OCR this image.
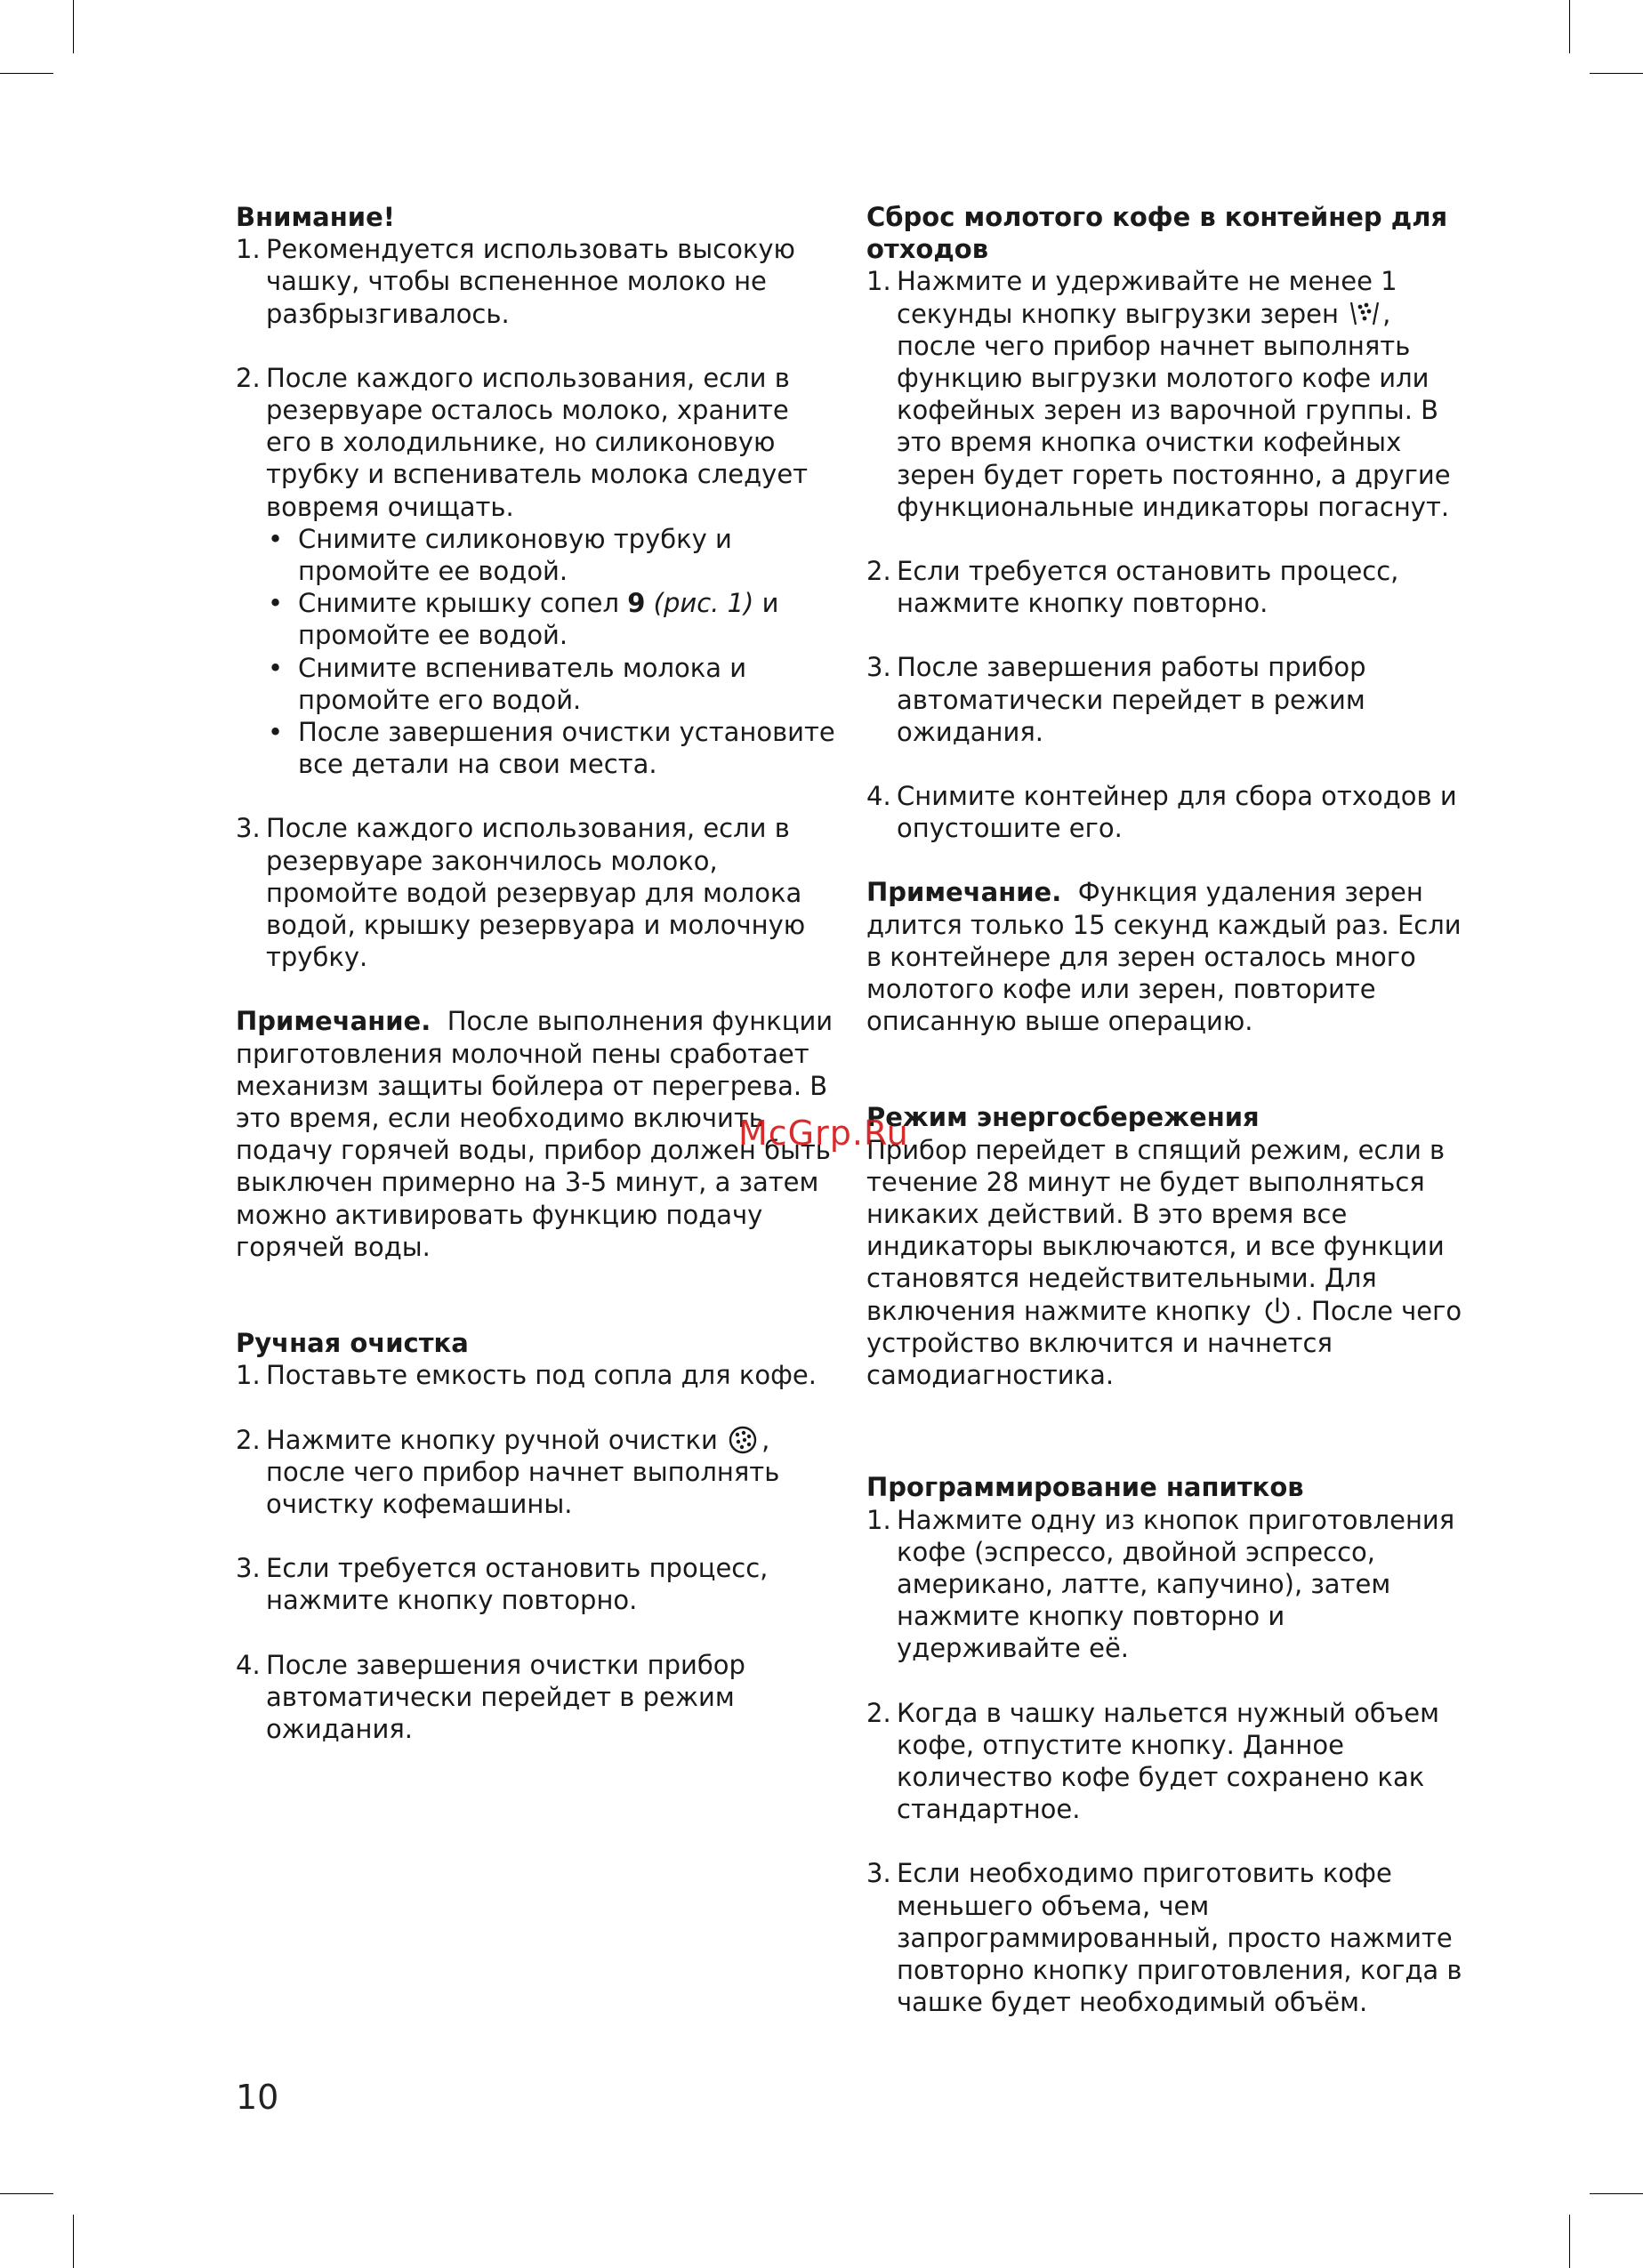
Внимание!

1. Рекомендуется использовать высокую чашку, чтобы вспененное молоко не разбрызгивалось.
2. После каждого использования, если в резервуаре осталось молоко, храните его в холодильнике, но силиконовую трубку и вспениватель молока следует вовремя очищать.
• Снимите силиконовую трубку и промойте ее водой.
• Снимите крышку сопел 9 (рис. 1) и промойте ее водой.
• Снимите вспениватель молока и промойте его водой.
• После завершения очистки установите все детали на свои места.
3. После каждого использования, если в резервуаре закончилось молоко, промойте водой резервуар для молока водой, крышку резервуара и молочную трубку.

Примечание. После выполнения функции приготовления молочной пены сработает механизм защиты бойлера от перегрева. В это время, если необходимо включить подачу горячей воды, прибор должен быть выключен примерно на 3-5 минут, а затем можно активировать функцию подачу горячей воды.

Ручная очистка

1. Поставьте емкость под сопла для кофе.
2. Нажмите кнопку ручной очистки , после чего прибор начнет выполнять очистку кофемашины.
3. Если требуется остановить процесс, нажмите кнопку повторно.
4. После завершения очистки прибор автоматически перейдет в режим ожидания.

Сброс молотого кофе в контейнер для отходов

1. Нажмите и удерживайте не менее 1 секунды кнопку выгрузки зерен , после чего прибор начнет выполнять функцию выгрузки молотого кофе или кофейных зерен из варочной группы. В это время кнопка очистки кофейных зерен будет гореть постоянно, а другие функциональные индикаторы погаснут.
2. Если требуется остановить процесс, нажмите кнопку повторно.
3. После завершения работы прибор автоматически перейдет в режим ожидания.
4. Снимите контейнер для сбора отходов и опустошите его.

Примечание. Функция удаления зерен длится только 15 секунд каждый раз. Если в контейнере для зерен осталось много молотого кофе или зерен, повторите описанную выше операцию.

Режим энергосбережения

Прибор перейдет в спящий режим, если в течение 28 минут не будет выполняться никаких действий. В это время все индикаторы выключаются, и все функции становятся недействительными. Для включения нажмите кнопку . После чего устройство включится и начнется самодиагностика.

Программирование напитков

1. Нажмите одну из кнопок приготовления кофе (эспрессо, двойной эспрессо, американо, латте, капучино), затем нажмите кнопку повторно и удерживайте её.
2. Когда в чашку нальется нужный объем кофе, отпустите кнопку. Данное количество кофе будет сохранено как стандартное.
3. Если необходимо приготовить кофе меньшего объема, чем запрограммированный, просто нажмите повторно кнопку приготовления, когда в чашке будет необходимый объём.
McGrp.Ru
10
